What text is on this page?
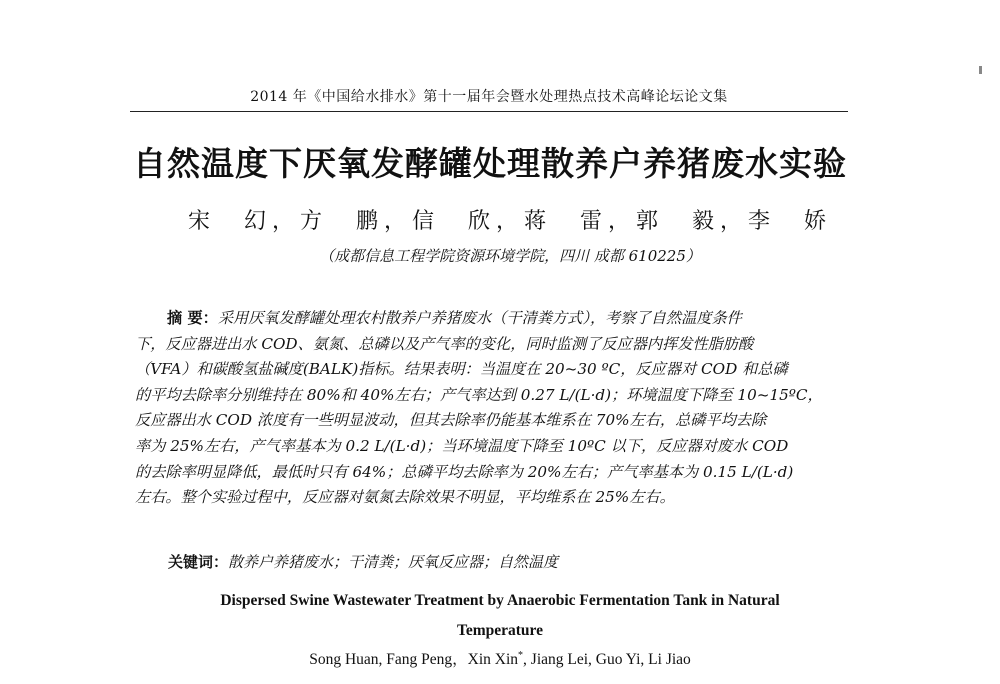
2014 年《中国给水排水》第十一届年会暨水处理热点技术高峰论坛论文集
自然温度下厌氧发酵罐处理散养户养猪废水实验
宋　幻，方　鹏，信　欣，蒋　雷，郭　毅，李　娇
（成都信息工程学院资源环境学院，四川 成都 610225）
摘 要：采用厌氧发酵罐处理农村散养户养猪废水（干清粪方式），考察了自然温度条件
下，反应器进出水 COD、氨氮、总磷以及产气率的变化，同时监测了反应器内挥发性脂肪酸
（VFA）和碳酸氢盐碱度(BALK)指标。结果表明：当温度在 20~30 ºC，反应器对 COD 和总磷
的平均去除率分别维持在 80%和 40%左右；产气率达到 0.27 L/(L·d)；环境温度下降至 10~15ºC，
反应器出水 COD 浓度有一些明显波动，但其去除率仍能基本维系在 70%左右，总磷平均去除
率为 25%左右，产气率基本为 0.2 L/(L·d)；当环境温度下降至 10ºC 以下，反应器对废水 COD
的去除率明显降低，最低时只有 64%；总磷平均去除率为 20%左右；产气率基本为 0.15 L/(L·d)
左右。整个实验过程中，反应器对氨氮去除效果不明显，平均维系在 25%左右。
关键词：散养户养猪废水；干清粪；厌氧反应器；自然温度
Dispersed Swine Wastewater Treatment by Anaerobic Fermentation Tank in Natural
Temperature
Song Huan, Fang Peng，Xin Xin*, Jiang Lei, Guo Yi, Li Jiao
